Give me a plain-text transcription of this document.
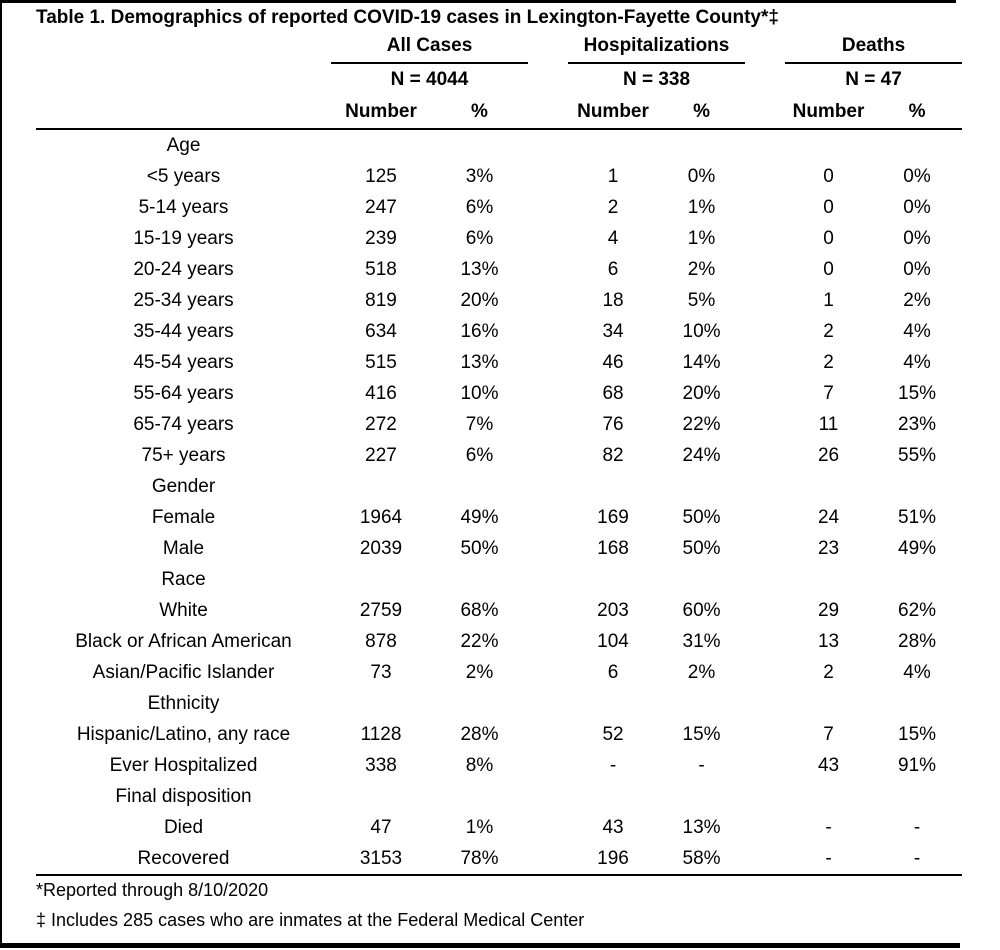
Table 1. Demographics of reported COVID-19 cases in Lexington-Fayette County*‡
	All Cases			Hospitalizations			Deaths	
	N = 4044			N = 338			N = 47	
	Number	%		Number	%		Number	%
Age								
<5 years	125	3%		1	0%		0	0%
5-14 years	247	6%		2	1%		0	0%
15-19 years	239	6%		4	1%		0	0%
20-24 years	518	13%		6	2%		0	0%
25-34 years	819	20%		18	5%		1	2%
35-44 years	634	16%		34	10%		2	4%
45-54 years	515	13%		46	14%		2	4%
55-64 years	416	10%		68	20%		7	15%
65-74 years	272	7%		76	22%		11	23%
75+ years	227	6%		82	24%		26	55%
Gender								
Female	1964	49%		169	50%		24	51%
Male	2039	50%		168	50%		23	49%
Race								
White	2759	68%		203	60%		29	62%
Black or African American	878	22%		104	31%		13	28%
Asian/Pacific Islander	73	2%		6	2%		2	4%
Ethnicity								
Hispanic/Latino, any race	1128	28%		52	15%		7	15%
Ever Hospitalized	338	8%		-	-		43	91%
Final disposition								
Died	47	1%		43	13%		-	-
Recovered	3153	78%		196	58%		-	-
*Reported through 8/10/2020
‡ Includes 285 cases who are inmates at the Federal Medical Center
